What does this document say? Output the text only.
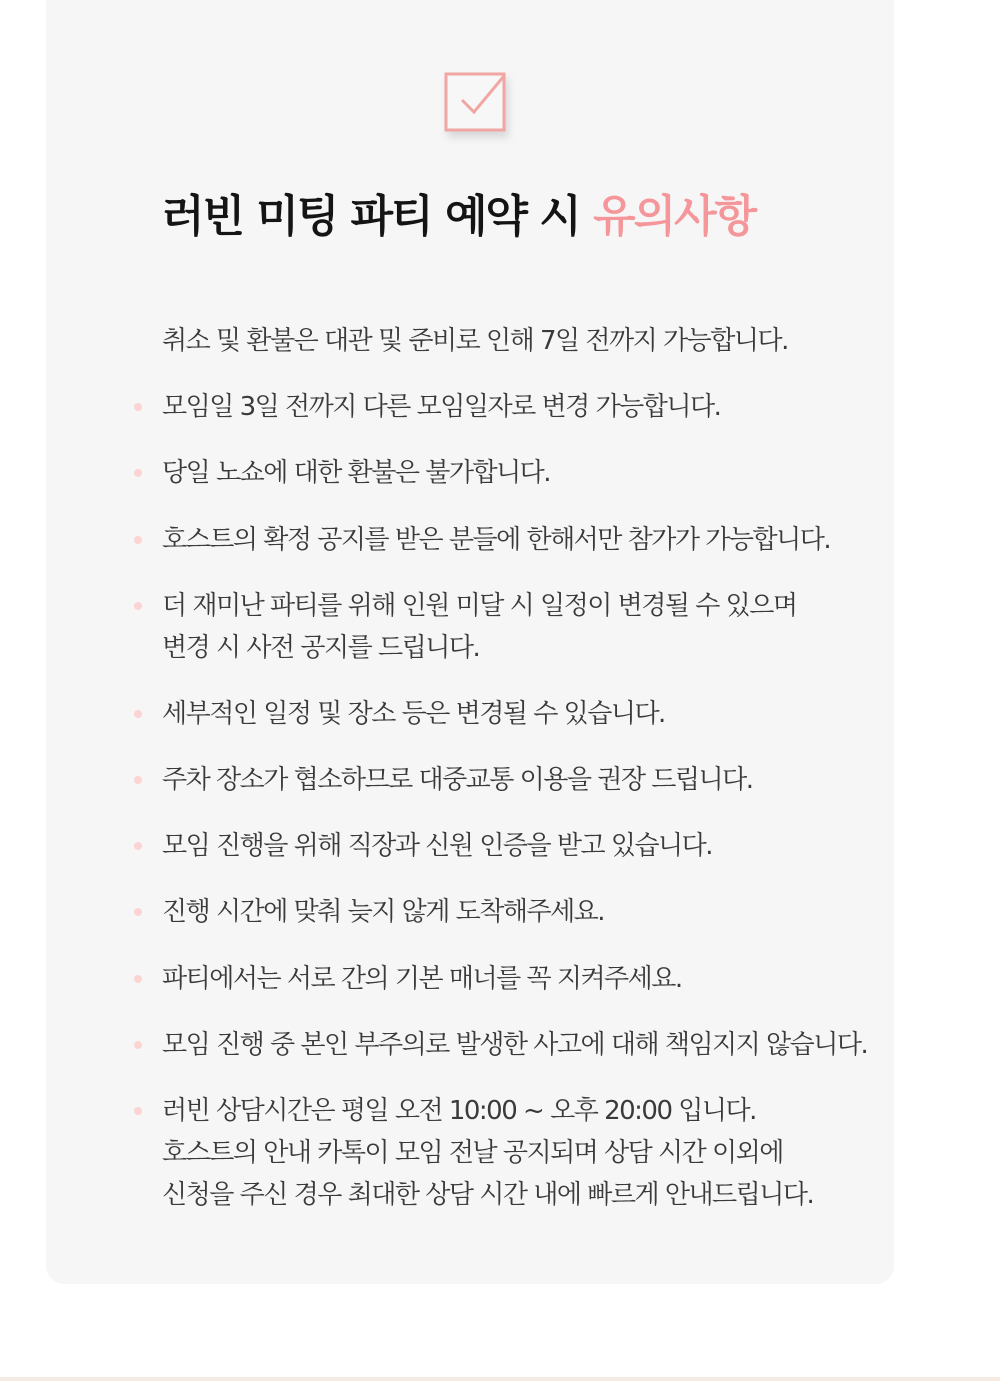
러빈 미팅 파티 예약 시 유의사항
취소 및 환불은 대관 및 준비로 인해 7일 전까지 가능합니다.
모임일 3일 전까지 다른 모임일자로 변경 가능합니다.
당일 노쇼에 대한 환불은 불가합니다.
호스트의 확정 공지를 받은 분들에 한해서만 참가가 가능합니다.
더 재미난 파티를 위해 인원 미달 시 일정이 변경될 수 있으며
변경 시 사전 공지를 드립니다.
세부적인 일정 및 장소 등은 변경될 수 있습니다.
주차 장소가 협소하므로 대중교통 이용을 권장 드립니다.
모임 진행을 위해 직장과 신원 인증을 받고 있습니다.
진행 시간에 맞춰 늦지 않게 도착해주세요.
파티에서는 서로 간의 기본 매너를 꼭 지켜주세요.
모임 진행 중 본인 부주의로 발생한 사고에 대해 책임지지 않습니다.
러빈 상담시간은 평일 오전 10:00 ~ 오후 20:00 입니다.
호스트의 안내 카톡이 모임 전날 공지되며 상담 시간 이외에
신청을 주신 경우 최대한 상담 시간 내에 빠르게 안내드립니다.
